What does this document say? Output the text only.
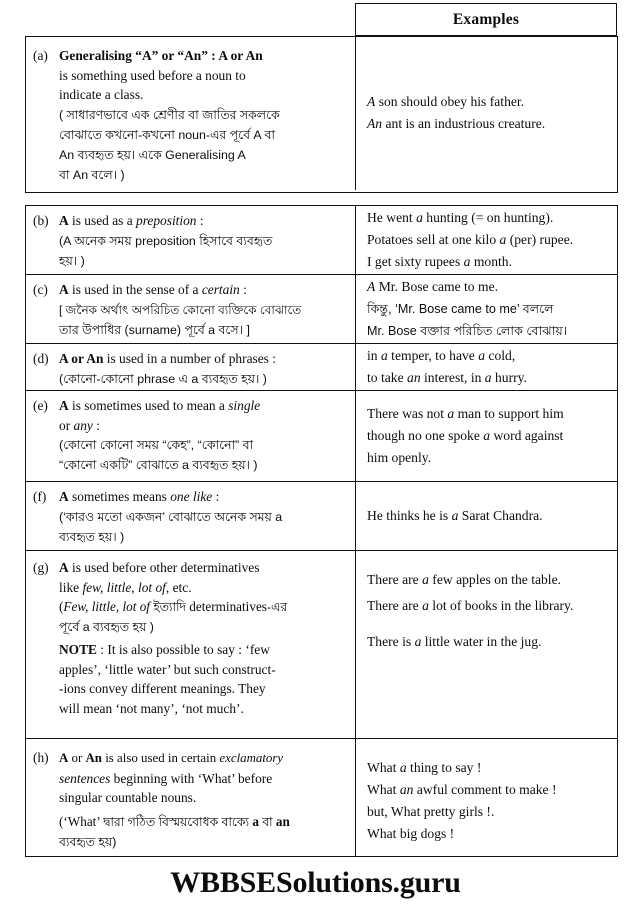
Examples
(a) Generalising “A” or “An” : A or An
is something used before a noun to
indicate a class.
( সাধারণভাবে এক শ্রেণীর বা জাতির সকলকে
বোঝাতে কখনো-কখনো noun-এর পূর্বে A বা
An ব্যবহৃত হয়। একে Generalising A
বা An বলে। )
A son should obey his father.
An ant is an industrious creature.
(b) A is used as a preposition :
(A অনেক সময় preposition হিসাবে ব্যবহৃত
হয়। )
He went a hunting (= on hunting).
Potatoes sell at one kilo a (per) rupee.
I get sixty rupees a month.
(c) A is used in the sense of a certain :
[ জনৈক অর্থাৎ অপরিচিত কোনো ব্যক্তিকে বোঝাতে
তার উপাধির (surname) পূর্বে a বসে। ]
A Mr. Bose came to me.
কিন্তু, ‘Mr. Bose came to me’ বললে
Mr. Bose বক্তার পরিচিত লোক বোঝায়।
(d) A or An is used in a number of phrases :
(কোনো-কোনো phrase এ a ব্যবহৃত হয়। )
in a temper, to have a cold,
to take an interest, in a hurry.
(e) A is sometimes used to mean a single
or any :
(কোনো কোনো সময় “কেহ”, “কোনো” বা
“কোনো একটি” বোঝাতে a ব্যবহৃত হয়। )
There was not a man to support him
though no one spoke a word against
him openly.
(f) A sometimes means one like :
(‘কারও মতো একজন’ বোঝাতে অনেক সময় a
ব্যবহৃত হয়। )
He thinks he is a Sarat Chandra.
(g) A is used before other determinatives
like few, little, lot of, etc.
(Few, little, lot of ইত্যাদি determinatives-এর
পূর্বে a ব্যবহৃত হয় )
NOTE : It is also possible to say : ‘few
apples’, ‘little water’ but such construct-
-ions convey different meanings. They
will mean ‘not many’, ‘not much’.
There are a few apples on the table.
There are a lot of books in the library.
There is a little water in the jug.
(h) A or An is also used in certain exclamatory
sentences beginning with ‘What’ before
singular countable nouns.
(‘What’ দ্বারা গঠিত বিস্ময়বোধক বাক্যে a বা an
ব্যবহৃত হয়)
What a thing to say !
What an awful comment to make !
but, What pretty girls !.
What big dogs !
WBBSESolutions.guru
